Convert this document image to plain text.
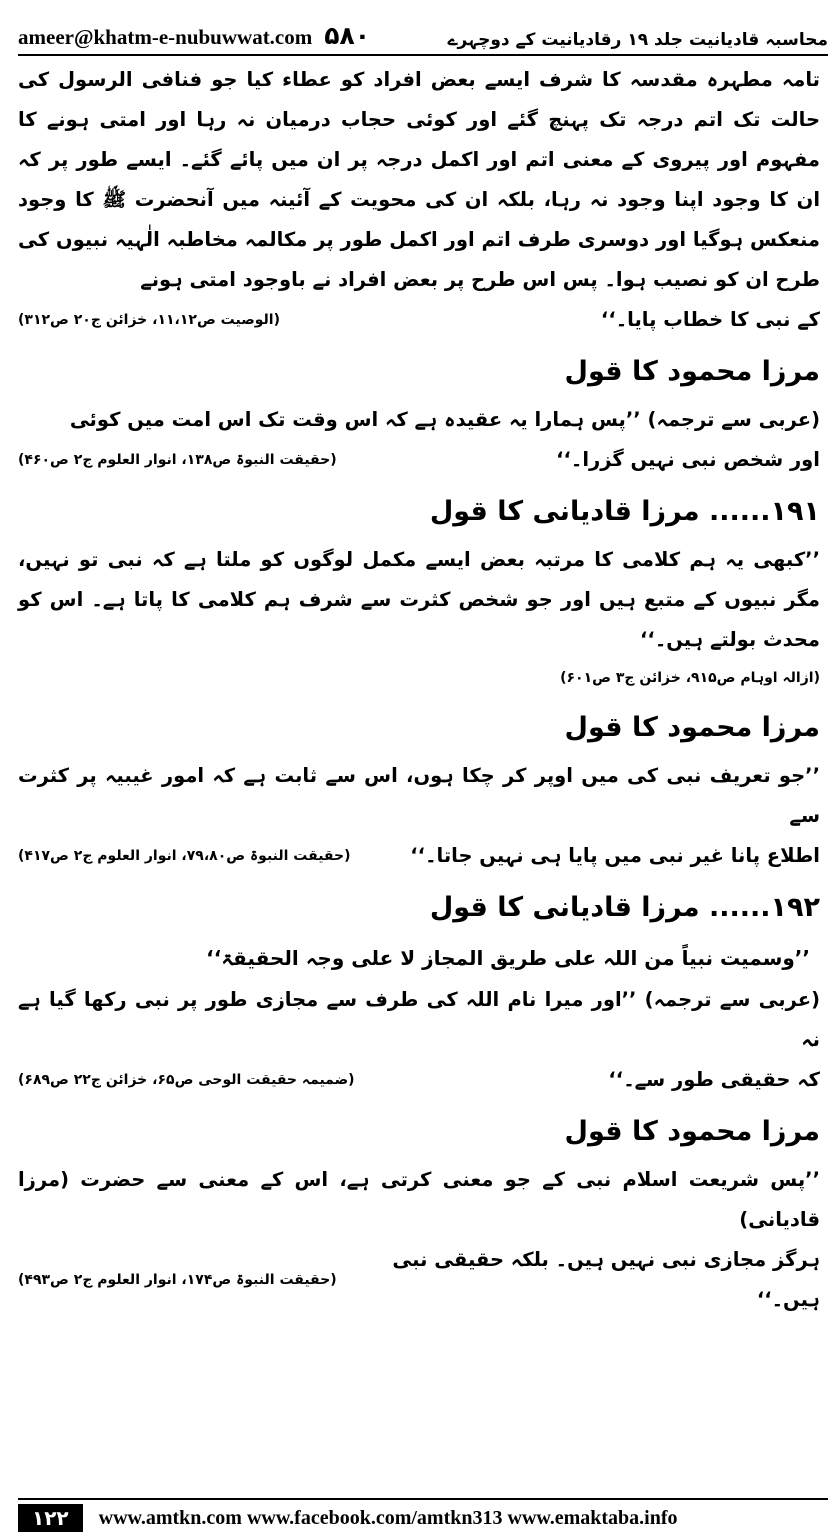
ameer@khatm-e-nubuwwat.com ۵۸۰	محاسبہ قادیانیت جلد ۱۹ رقادیانیت کے دوچہرے

تامہ مطہرہ مقدسہ کا شرف ایسے بعض افراد کو عطاء کیا جو فنافی الرسول کی حالت تک اتم درجہ تک پہنچ گئے اور کوئی حجاب درمیان نہ رہا اور امتی ہونے کا مفہوم اور پیروی کے معنی اتم اور اکمل درجہ پر ان میں پائے گئے۔ ایسے طور پر کہ ان کا وجود اپنا وجود نہ رہا، بلکہ ان کی محویت کے آئینہ میں آنحضرت ﷺ کا وجود منعکس ہوگیا اور دوسری طرف اتم اور اکمل طور پر مکالمہ مخاطبہ الٰہیہ نبیوں کی طرح ان کو نصیب ہوا۔ پس اس طرح پر بعض افراد نے باوجود امتی ہونے

کے نبی کا خطاب پایا۔‘‘
(الوصیت ص۱۱،۱۲، خزائن ج۲۰ ص۳۱۲)
مرزا محمود کا قول

(عربی سے ترجمہ) ’’پس ہمارا یہ عقیدہ ہے کہ اس وقت تک اس امت میں کوئی

اور شخص نبی نہیں گزرا۔‘‘
(حقیقت النبوۃ ص۱۳۸، انوار العلوم ج۲ ص۴۶۰)
۱۹۱...... مرزا قادیانی کا قول

’’کبھی یہ ہم کلامی کا مرتبہ بعض ایسے مکمل لوگوں کو ملتا ہے کہ نبی تو نہیں، مگر نبیوں کے متبع ہیں اور جو شخص کثرت سے شرف ہم کلامی کا پاتا ہے۔ اس کو محدث بولتے ہیں۔‘‘

(ازالہ اوہام ص۹۱۵، خزائن ج۳ ص۶۰۱)
مرزا محمود کا قول

’’جو تعریف نبی کی میں اوپر کر چکا ہوں، اس سے ثابت ہے کہ امور غیبیہ پر کثرت سے

اطلاع پانا غیر نبی میں پایا ہی نہیں جاتا۔‘‘
(حقیقت النبوۃ ص۷۹،۸۰، انوار العلوم ج۲ ص۴۱۷)
۱۹۲...... مرزا قادیانی کا قول
’’وسمیت نبیاً من اللہ علی طریق المجاز لا علی وجہ الحقیقۃ‘‘

(عربی سے ترجمہ) ’’اور میرا نام اللہ کی طرف سے مجازی طور پر نبی رکھا گیا ہے نہ

کہ حقیقی طور سے۔‘‘
(ضمیمہ حقیقت الوحی ص۶۵، خزائن ج۲۲ ص۶۸۹)
مرزا محمود کا قول

’’پس شریعت اسلام نبی کے جو معنی کرتی ہے، اس کے معنی سے حضرت (مرزا قادیانی)

ہرگز مجازی نبی نہیں ہیں۔ بلکہ حقیقی نبی ہیں۔‘‘
(حقیقت النبوۃ ص۱۷۴، انوار العلوم ج۲ ص۴۹۳)
۱۲۲	www.amtkn.com www.facebook.com/amtkn313 www.emaktaba.info
